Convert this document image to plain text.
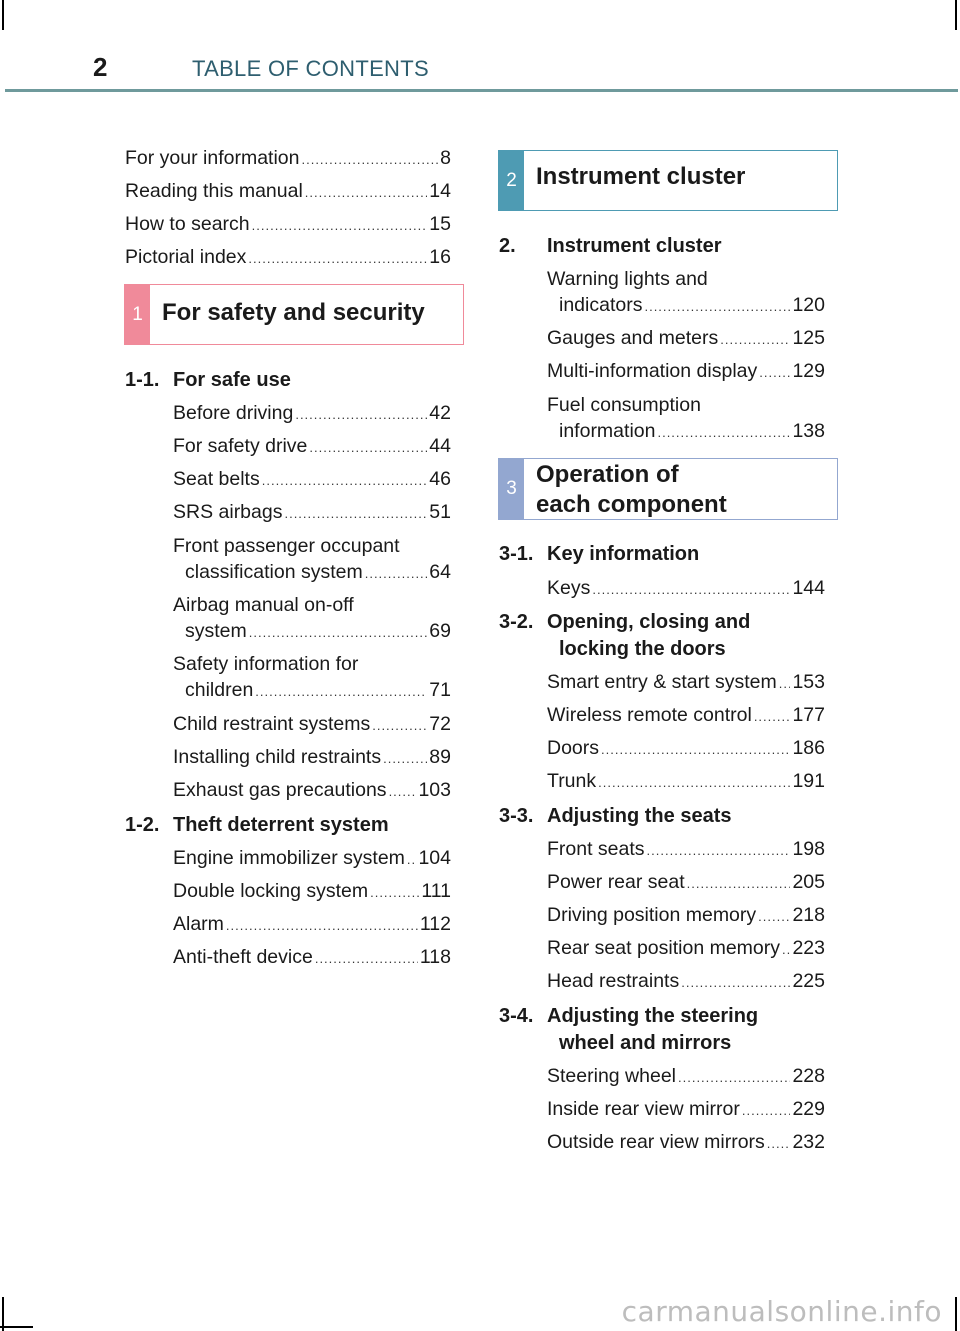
2	TABLE OF CONTENTS
For your information .....	8
Reading this manual .....	14
How to search .....	15
Pictorial index .....	16
1 For safety and security
1-1. For safe use
Before driving .....	42
For safety drive .....	44
Seat belts .....	46
SRS airbags .....	51
Front passenger occupant
classification system .....	64
Airbag manual on-off
system .....	69
Safety information for
children .....	71
Child restraint systems .....	72
Installing child restraints ..... 89
Exhaust gas precautions ..... 103
1-2. Theft deterrent system
Engine immobilizer system ..... 104
Double locking system .....	111
Alarm .....	112
Anti-theft device .....	118
2 Instrument cluster
2. Instrument cluster
Warning lights and
indicators .....	120
Gauges and meters .....	125
Multi-information display ..... 129
Fuel consumption
information .....	138
3
Operation of
each component
3-1. Key information
Keys .....	144
3-2. Opening, closing and
locking the doors
Smart entry & start system ..... 153
Wireless remote control ..... 177
Doors .....	186
Trunk .....	191
3-3. Adjusting the seats
Front seats .....	198
Power rear seat .....	205
Driving position memory ..... 218
Rear seat position memory ..... 223
Head restraints .....	225
3-4. Adjusting the steering
wheel and mirrors
Steering wheel .....	228
Inside rear view mirror .....	229
Outside rear view mirrors ..... 232
carmanualsonline.info
